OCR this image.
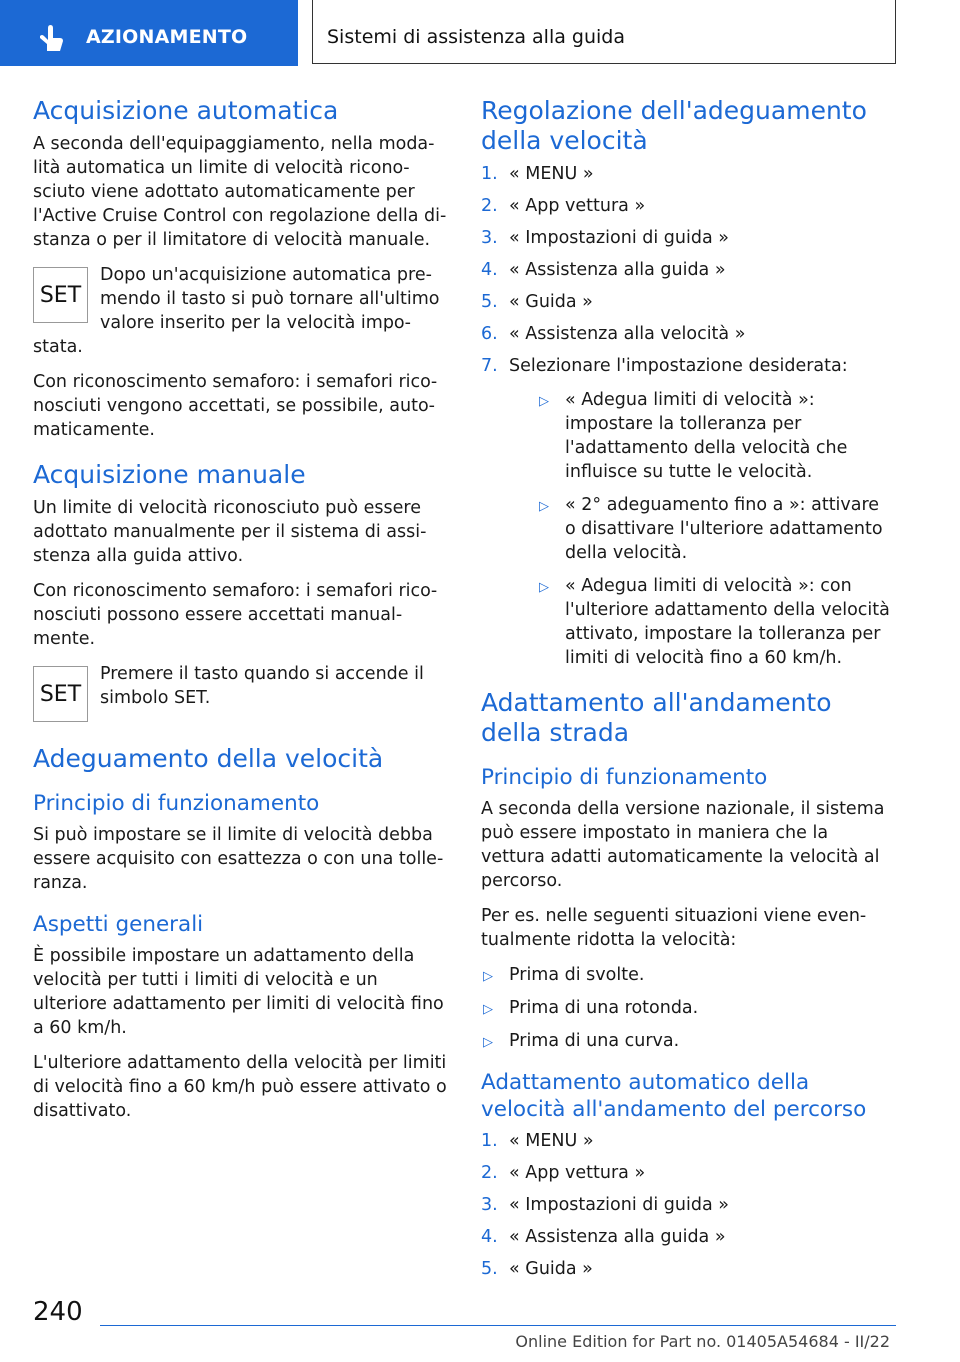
AZIONAMENTO	Sistemi di assistenza alla guida
Acquisizione automatica

A seconda dell'equipaggiamento, nella modalità automatica un limite di velocità riconosciuto viene adottato automaticamente per l'Active Cruise Control con regolazione della distanza o per il limitatore di velocità manuale.

SET

Dopo un'acquisizione automatica premendo il tasto si può tornare all'ultimo valore inserito per la velocità impostata.

Con riconoscimento semaforo: i semafori riconosciuti vengono accettati, se possibile, automaticamente.

Acquisizione manuale

Un limite di velocità riconosciuto può essere adottato manualmente per il sistema di assistenza alla guida attivo.

Con riconoscimento semaforo: i semafori riconosciuti possono essere accettati manualmente.

SET

Premere il tasto quando si accende il simbolo SET.

Adeguamento della velocità
Principio di funzionamento

Si può impostare se il limite di velocità debba essere acquisito con esattezza o con una tolleranza.

Aspetti generali

È possibile impostare un adattamento della velocità per tutti i limiti di velocità e un ulteriore adattamento per limiti di velocità fino a 60 km/h.

L'ulteriore adattamento della velocità per limiti di velocità fino a 60 km/h può essere attivato o disattivato.

Regolazione dell'adeguamento della velocità
1. « MENU »
2. « App vettura »
3. « Impostazioni di guida »
4. « Assistenza alla guida »
5. « Guida »
6. « Assistenza alla velocità »
7. Selezionare l'impostazione desiderata:
▷ « Adegua limiti di velocità »: impostare la tolleranza per l'adattamento della velocità che influisce su tutte le velocità.
▷ « 2° adeguamento fino a »: attivare o disattivare l'ulteriore adattamento della velocità.
▷ « Adegua limiti di velocità »: con l'ulteriore adattamento della velocità attivato, impostare la tolleranza per limiti di velocità fino a 60 km/h.
Adattamento all'andamento della strada
Principio di funzionamento

A seconda della versione nazionale, il sistema può essere impostato in maniera che la vettura adatti automaticamente la velocità al percorso.

Per es. nelle seguenti situazioni viene eventualmente ridotta la velocità:

▷ Prima di svolte.
▷ Prima di una rotonda.
▷ Prima di una curva.
Adattamento automatico della velocità all'andamento del percorso
1. « MENU »
2. « App vettura »
3. « Impostazioni di guida »
4. « Assistenza alla guida »
5. « Guida »
240
Online Edition for Part no. 01405A54684 - II/22
